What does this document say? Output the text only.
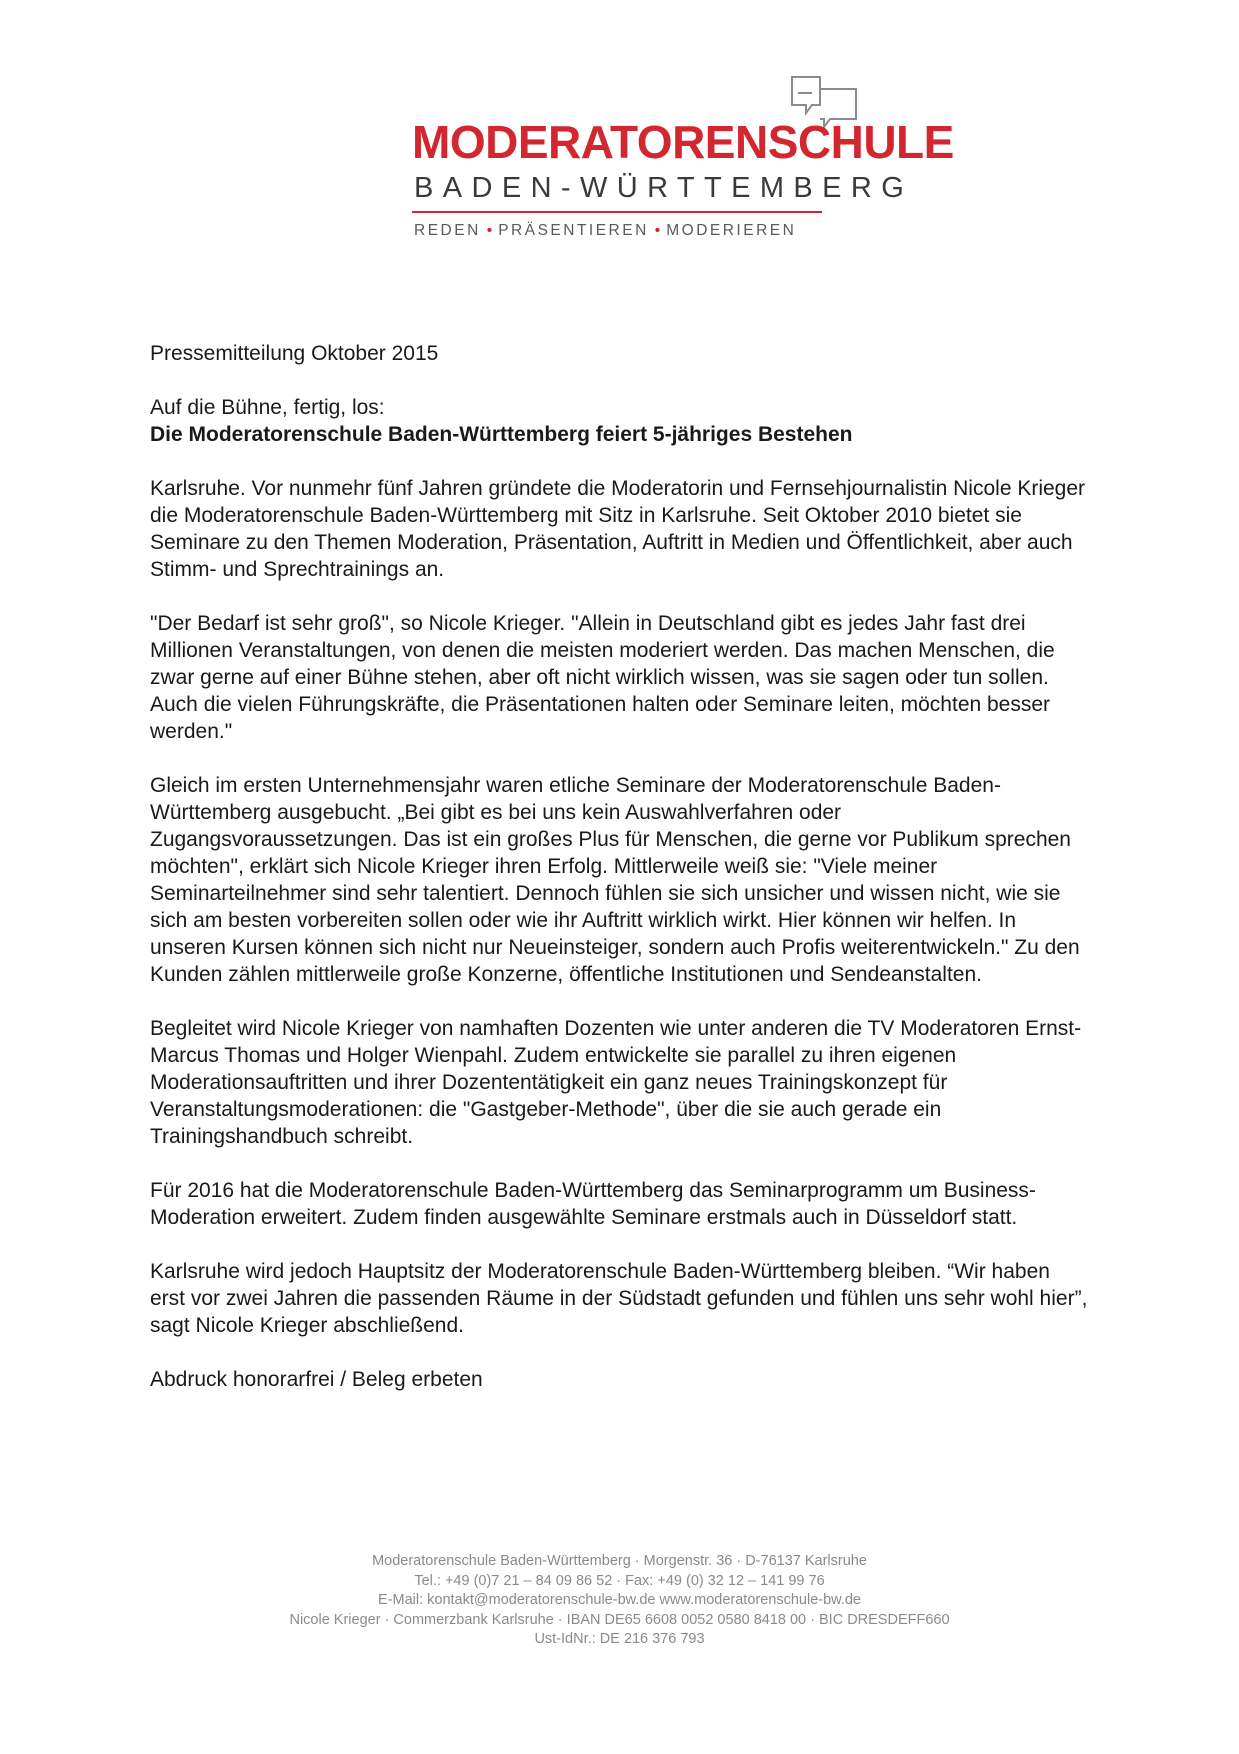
MODERATORENSCHULE
BADEN-WÜRTTEMBERG
REDEN • PRÄSENTIEREN • MODERIEREN

Pressemitteilung Oktober 2015

Auf die Bühne, fertig, los:
Die Moderatorenschule Baden-Württemberg feiert 5-jähriges Bestehen

Karlsruhe. Vor nunmehr fünf Jahren gründete die Moderatorin und Fernsehjournalistin Nicole Krieger die Moderatorenschule Baden-Württemberg mit Sitz in Karlsruhe. Seit Oktober 2010 bietet sie Seminare zu den Themen Moderation, Präsentation, Auftritt in Medien und Öffentlichkeit, aber auch Stimm- und Sprechtrainings an.

"Der Bedarf ist sehr groß", so Nicole Krieger. "Allein in Deutschland gibt es jedes Jahr fast drei Millionen Veranstaltungen, von denen die meisten moderiert werden. Das machen Menschen, die zwar gerne auf einer Bühne stehen, aber oft nicht wirklich wissen, was sie sagen oder tun sollen. Auch die vielen Führungskräfte, die Präsentationen halten oder Seminare leiten, möchten besser werden."

Gleich im ersten Unternehmensjahr waren etliche Seminare der Moderatorenschule Baden-Württemberg ausgebucht. „Bei gibt es bei uns kein Auswahlverfahren oder Zugangsvoraussetzungen. Das ist ein großes Plus für Menschen, die gerne vor Publikum sprechen möchten", erklärt sich Nicole Krieger ihren Erfolg. Mittlerweile weiß sie: "Viele meiner Seminarteilnehmer sind sehr talentiert. Dennoch fühlen sie sich unsicher und wissen nicht, wie sie sich am besten vorbereiten sollen oder wie ihr Auftritt wirklich wirkt. Hier können wir helfen. In unseren Kursen können sich nicht nur Neueinsteiger, sondern auch Profis weiterentwickeln." Zu den Kunden zählen mittlerweile große Konzerne, öffentliche Institutionen und Sendeanstalten.

Begleitet wird Nicole Krieger von namhaften Dozenten wie unter anderen die TV Moderatoren Ernst-Marcus Thomas und Holger Wienpahl. Zudem entwickelte sie parallel zu ihren eigenen Moderationsauftritten und ihrer Dozententätigkeit ein ganz neues Trainingskonzept für Veranstaltungsmoderationen: die "Gastgeber-Methode", über die sie auch gerade ein Trainingshandbuch schreibt.

Für 2016 hat die Moderatorenschule Baden-Württemberg das Seminarprogramm um Business-Moderation erweitert. Zudem finden ausgewählte Seminare erstmals auch in Düsseldorf statt.

Karlsruhe wird jedoch Hauptsitz der Moderatorenschule Baden-Württemberg bleiben. “Wir haben erst vor zwei Jahren die passenden Räume in der Südstadt gefunden und fühlen uns sehr wohl hier”, sagt Nicole Krieger abschließend.

Abdruck honorarfrei / Beleg erbeten

Moderatorenschule Baden-Württemberg · Morgenstr. 36 · D-76137 Karlsruhe
Tel.: +49 (0)7 21 – 84 09 86 52 · Fax: +49 (0) 32 12 – 141 99 76
E-Mail: kontakt@moderatorenschule-bw.de www.moderatorenschule-bw.de
Nicole Krieger · Commerzbank Karlsruhe · IBAN DE65 6608 0052 0580 8418 00 · BIC DRESDEFF660
Ust-IdNr.: DE 216 376 793
